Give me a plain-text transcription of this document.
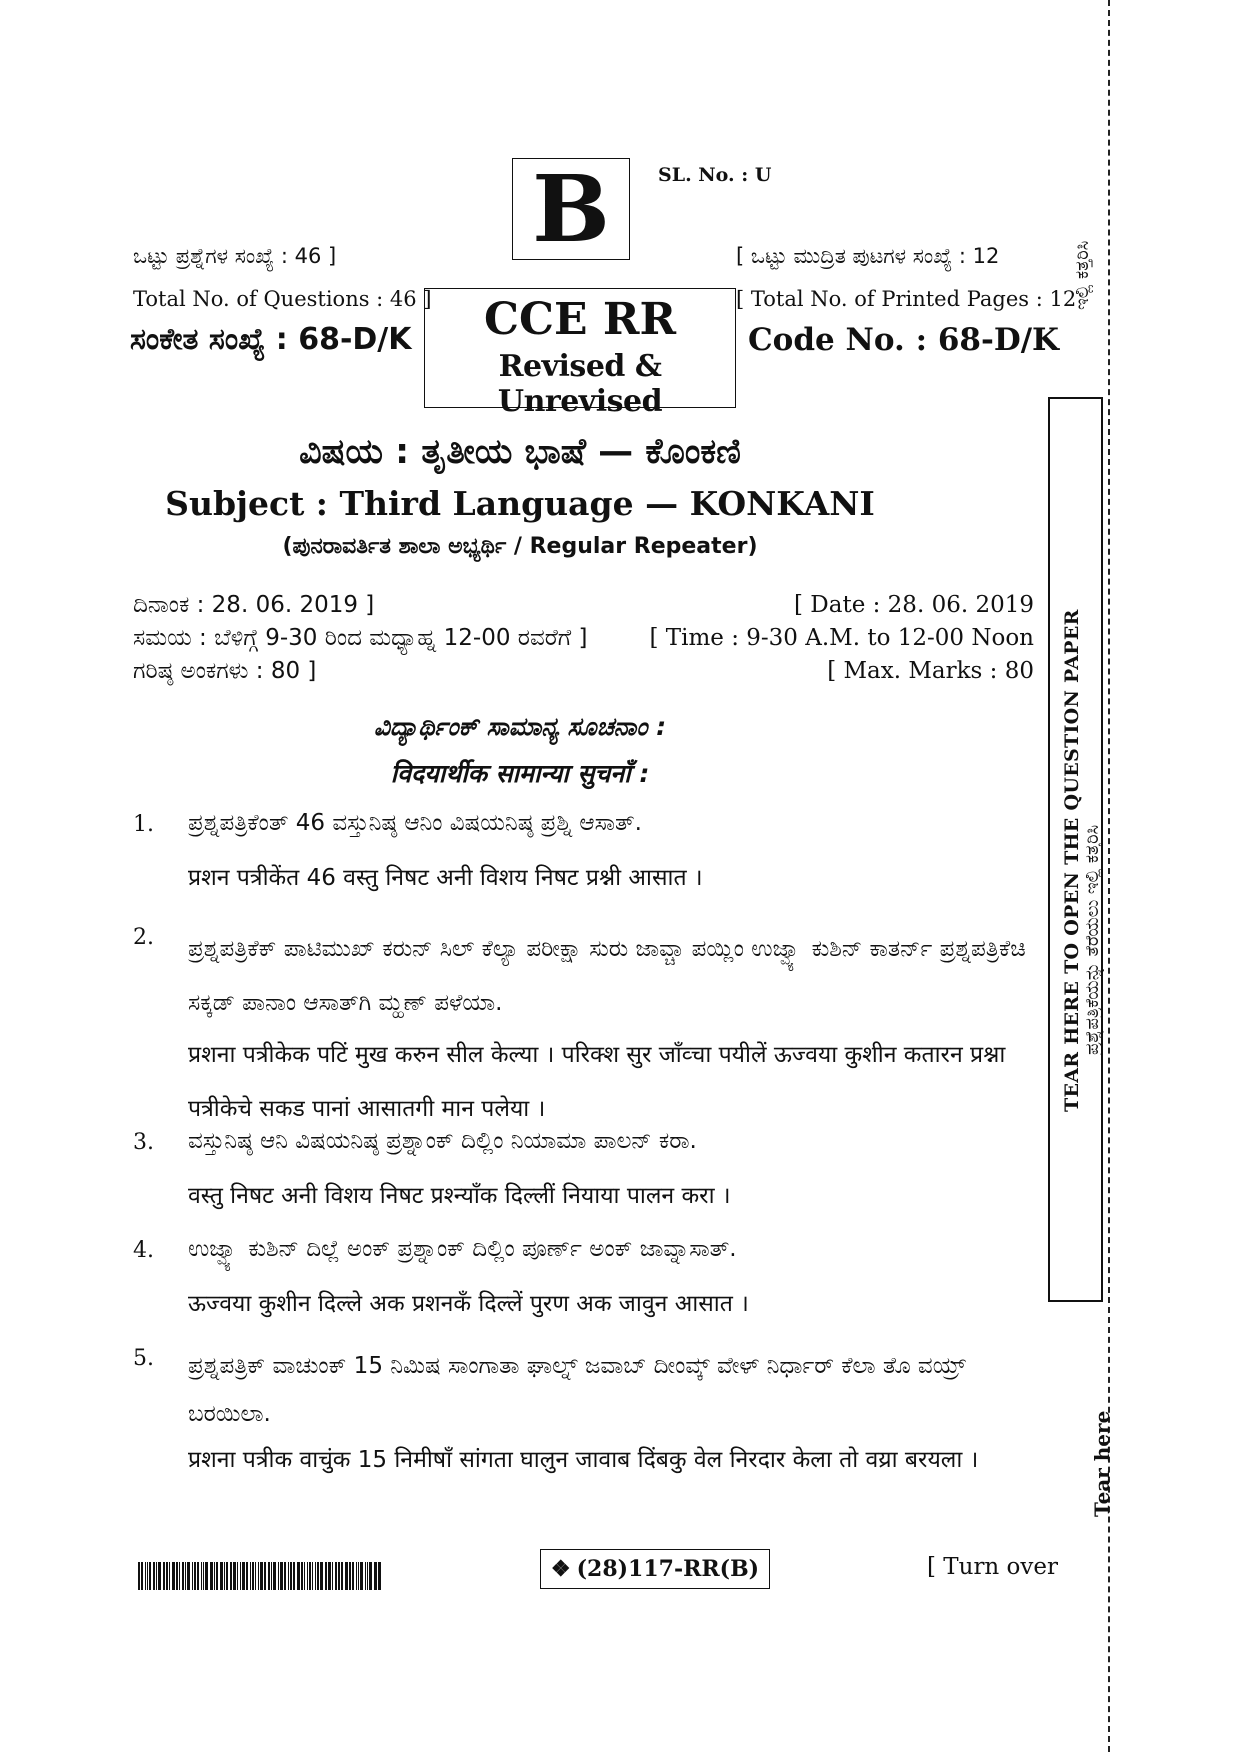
B	SL. No. : U
ಒಟ್ಟು ಪ್ರಶ್ನೆಗಳ ಸಂಖ್ಯೆ : 46 ]
Total No. of Questions : 46 ]
ಸಂಕೇತ ಸಂಖ್ಯೆ : 68-D/K
[ ಒಟ್ಟು ಮುದ್ರಿತ ಪುಟಗಳ ಸಂಖ್ಯೆ : 12
[ Total No. of Printed Pages : 12
Code No. : 68-D/K
CCE RR
Revised & Unrevised
ವಿಷಯ : ತೃತೀಯ ಭಾಷೆ — ಕೊಂಕಣಿ
Subject : Third Language — KONKANI
(ಪುನರಾವರ್ತಿತ ಶಾಲಾ ಅಭ್ಯರ್ಥಿ / Regular Repeater)
ದಿನಾಂಕ : 28. 06. 2019 ]
ಸಮಯ : ಬೆಳಿಗ್ಗೆ 9-30 ರಿಂದ ಮಧ್ಯಾಹ್ನ 12-00 ರವರೆಗೆ ]
ಗರಿಷ್ಠ ಅಂಕಗಳು : 80 ]
[ Date : 28. 06. 2019
[ Time : 9-30 A.M. to 12-00 Noon
[ Max. Marks : 80
ವಿದ್ಯಾರ್ಥಿಂಕ್ ಸಾಮಾನ್ಯ ಸೂಚನಾಂ :
विदयार्थीक सामान्या सुचनाँ :
1. ಪ್ರಶ್ನಪತ್ರಿಕೆಂತ್ 46 ವಸ್ತುನಿಷ್ಠ ಆನಿಂ ವಿಷಯನಿಷ್ಠ ಪ್ರಶ್ನಿ ಆಸಾತ್.
प्रशन पत्रीकेंत 46 वस्तु निषट अनी विशय निषट प्रश्नी आसात ।
2. ಪ್ರಶ್ನಪತ್ರಿಕೆಕ್ ಪಾಟಿಮುಖ್ ಕರುನ್ ಸಿಲ್ ಕೆಲ್ಯಾ ಪರೀಕ್ಷಾ ಸುರು ಜಾವ್ಚಾ ಪಯ್ಲಿಂ ಉಜ್ವ್ಯಾ ಕುಶಿನ್ ಕಾತರ್ನ್ ಪ್ರಶ್ನಪತ್ರಿಕೆಚಿ ಸಕ್ಕಡ್ ಪಾನಾಂ ಆಸಾತ್‌ಗಿ ಮ್ಹಣ್ ಪಳೆಯಾ.
प्रशना पत्रीकेक पटिं मुख करुन सील केल्या । परिक्श सुर जाँव्चा पयीलें ऊज्वया कुशीन कतारन प्रश्ना पत्रीकेचे सकड पानां आसातगी मान पलेया ।
3. ವಸ್ತುನಿಷ್ಠ ಆನಿ ವಿಷಯನಿಷ್ಠ ಪ್ರಶ್ನಾಂಕ್ ದಿಲ್ಲಿಂ ನಿಯಾಮಾ ಪಾಲನ್ ಕರಾ.
वस्तु निषट अनी विशय निषट प्रश्न्याँक दिल्लीं नियाया पालन करा ।
4. ಉಜ್ವ್ಯಾ ಕುಶಿನ್ ದಿಲ್ಲೆ ಅಂಕ್ ಪ್ರಶ್ನಾಂಕ್ ದಿಲ್ಲಿಂ ಪೂರ್ಣ್ ಅಂಕ್ ಜಾವ್ನಾಸಾತ್.
ऊज्वया कुशीन दिल्ले अक प्रशनकँ दिल्लें पुरण अक जावुन आसात ।
5. ಪ್ರಶ್ನಪತ್ರಿಕ್ ವಾಚುಂಕ್ 15 ನಿಮಿಷ ಸಾಂಗಾತಾ ಘಾಲ್ನ್ ಜವಾಬ್ ದೀಂವ್ಕ್ ವೇಳ್ ನಿರ್ಧಾರ್ ಕೆಲಾ ತೊ ವಯ್ರ್ ಬರಯಿಲಾ.
प्रशना पत्रीक वाचुंक 15 निमीषाँ सांगता घालुन जावाब दिंबकु वेल निरदार केला तो वय्रा बरयला ।
❖ (28)117-RR(B)	[ Turn over
TEAR HERE TO OPEN THE QUESTION PAPER ಪ್ರಶ್ನೆಪತ್ರಿಕೆಯನ್ನು ತೆರೆಯಲು ಇಲ್ಲಿ ಕತ್ತರಿಸಿ
ಇಲ್ಲಿ ಕತ್ತರಿಸಿ
Tear here
